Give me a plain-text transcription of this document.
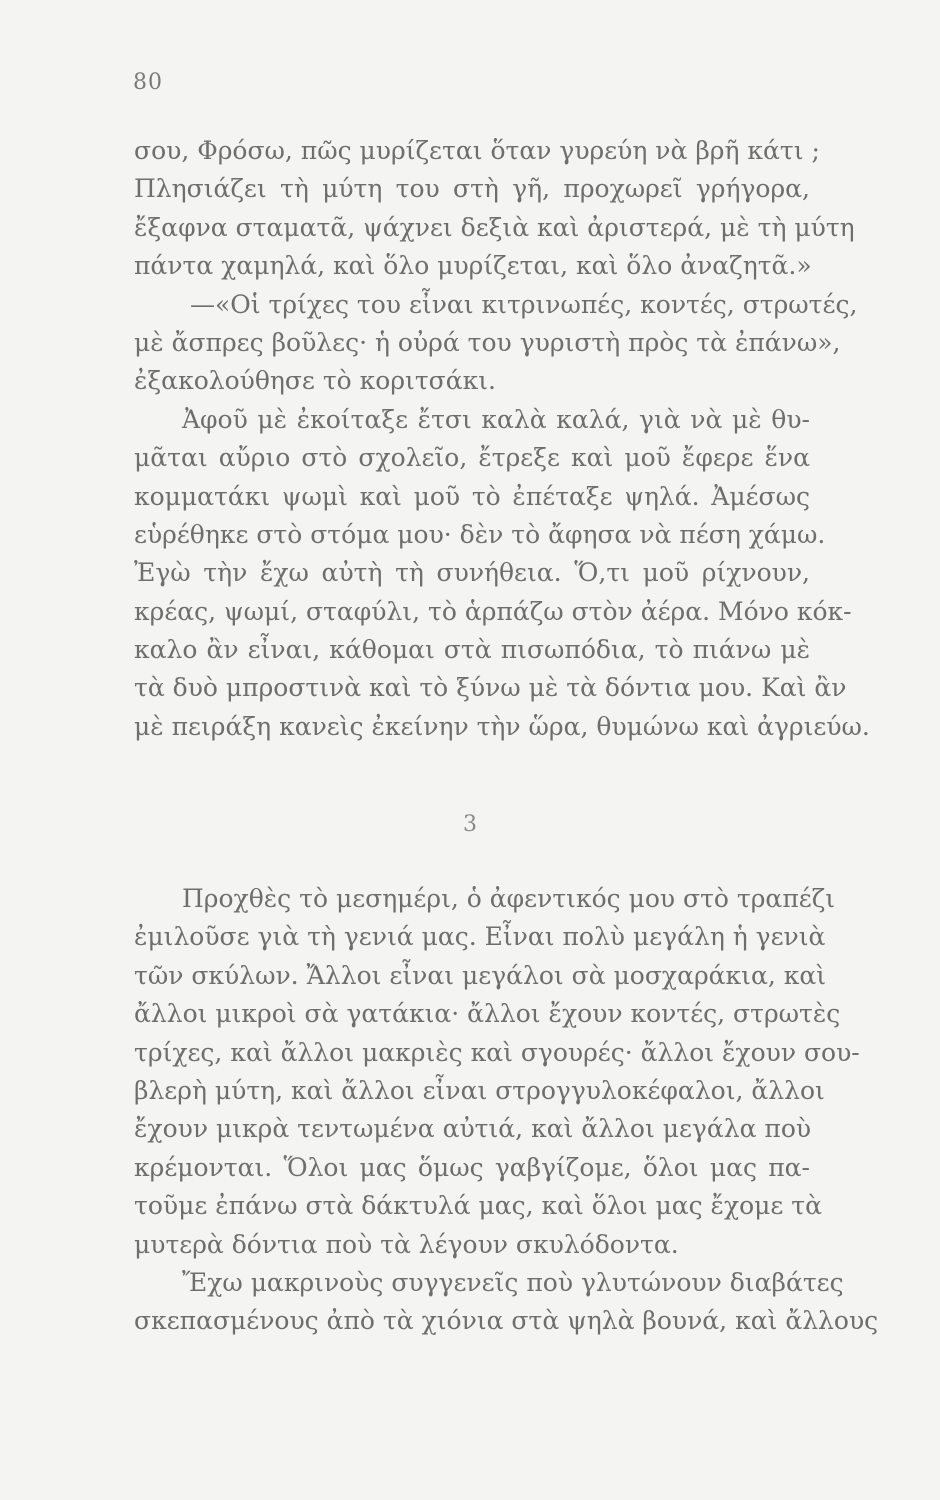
80
σου, Φρόσω, πῶς μυρίζεται ὅταν γυρεύη νὰ βρῆ κάτι ;
Πλησιάζει τὴ μύτη του στὴ γῆ, προχωρεῖ γρήγορα,
ἔξαφνα σταματᾶ, ψάχνει δεξιὰ καὶ ἀριστερά, μὲ τὴ μύτη
πάντα χαμηλά, καὶ ὅλο μυρίζεται, καὶ ὅλο ἀναζητᾶ.»
—«Οἱ τρίχες του εἶναι κιτρινωπές, κοντές, στρωτές,
μὲ ἄσπρες βοῦλες· ἡ οὐρά του γυριστὴ πρὸς τὰ ἐπάνω»,
ἐξακολούθησε τὸ κοριτσάκι.
Ἀφοῦ μὲ ἐκοίταξε ἔτσι καλὰ καλά, γιὰ νὰ μὲ θυ-
μᾶται αὔριο στὸ σχολεῖο, ἔτρεξε καὶ μοῦ ἔφερε ἕνα
κομματάκι ψωμὶ καὶ μοῦ τὸ ἐπέταξε ψηλά. Ἀμέσως
εὑρέθηκε στὸ στόμα μου· δὲν τὸ ἄφησα νὰ πέση χάμω.
Ἐγὼ τὴν ἔχω αὐτὴ τὴ συνήθεια. Ὅ,τι μοῦ ρίχνουν,
κρέας, ψωμί, σταφύλι, τὸ ἁρπάζω στὸν ἀέρα. Μόνο κόκ-
καλο ἂν εἶναι, κάθομαι στὰ πισωπόδια, τὸ πιάνω μὲ
τὰ δυὸ μπροστινὰ καὶ τὸ ξύνω μὲ τὰ δόντια μου. Καὶ ἂν
μὲ πειράξη κανεὶς ἐκείνην τὴν ὥρα, θυμώνω καὶ ἀγριεύω.
3
Προχθὲς τὸ μεσημέρι, ὁ ἀφεντικός μου στὸ τραπέζι
ἐμιλοῦσε γιὰ τὴ γενιά μας. Εἶναι πολὺ μεγάλη ἡ γενιὰ
τῶν σκύλων. Ἄλλοι εἶναι μεγάλοι σὰ μοσχαράκια, καὶ
ἄλλοι μικροὶ σὰ γατάκια· ἄλλοι ἔχουν κοντές, στρωτὲς
τρίχες, καὶ ἄλλοι μακριὲς καὶ σγουρές· ἄλλοι ἔχουν σου-
βλερὴ μύτη, καὶ ἄλλοι εἶναι στρογγυλοκέφαλοι, ἄλλοι
ἔχουν μικρὰ τεντωμένα αὐτιά, καὶ ἄλλοι μεγάλα ποὺ
κρέμονται. Ὅλοι μας ὅμως γαβγίζομε, ὅλοι μας πα-
τοῦμε ἐπάνω στὰ δάκτυλά μας, καὶ ὅλοι μας ἔχομε τὰ
μυτερὰ δόντια ποὺ τὰ λέγουν σκυλόδοντα.
Ἔχω μακρινοὺς συγγενεῖς ποὺ γλυτώνουν διαβάτες
σκεπασμένους ἀπὸ τὰ χιόνια στὰ ψηλὰ βουνά, καὶ ἄλλους
